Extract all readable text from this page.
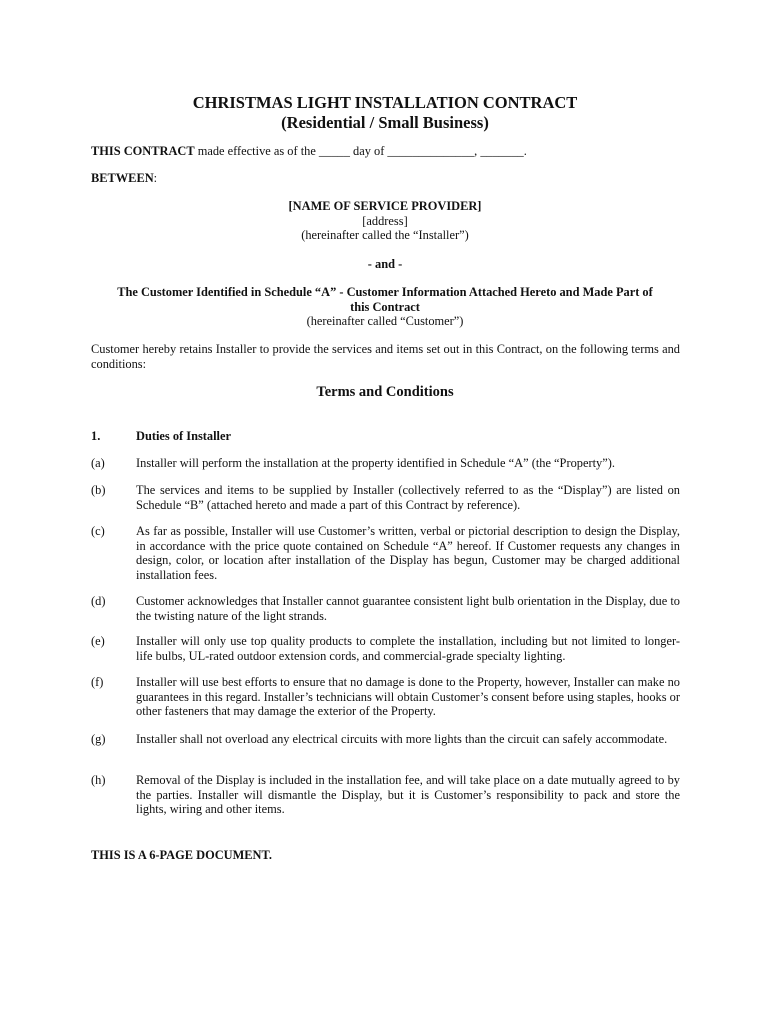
CHRISTMAS LIGHT INSTALLATION CONTRACT
(Residential / Small Business)
THIS CONTRACT made effective as of the _____ day of ______________, _______.
BETWEEN:
[NAME OF SERVICE PROVIDER]
[address]
(hereinafter called the “Installer”)
- and -
The Customer Identified in Schedule “A” - Customer Information Attached Hereto and Made Part of
this Contract
(hereinafter called “Customer”)
Customer hereby retains Installer to provide the services and items set out in this Contract, on the following terms and conditions:
Terms and Conditions
1.	Duties of Installer
(a)	Installer will perform the installation at the property identified in Schedule “A” (the “Property”).
(b) The services and items to be supplied by Installer (collectively referred to as the “Display”) are listed on Schedule “B” (attached hereto and made a part of this Contract by reference).
(c)	As far as possible, Installer will use Customer’s written, verbal or pictorial description to design the Display, in accordance with the price quote contained on Schedule “A” hereof. If Customer requests any changes in design, color, or location after installation of the Display has begun, Customer may be charged additional installation fees.
(d) Customer acknowledges that Installer cannot guarantee consistent light bulb orientation in the Display, due to the twisting nature of the light strands.
(e)	Installer will only use top quality products to complete the installation, including but not limited to longer-life bulbs, UL-rated outdoor extension cords, and commercial-grade specialty lighting.
(f)	Installer will use best efforts to ensure that no damage is done to the Property, however, Installer can make no guarantees in this regard. Installer’s technicians will obtain Customer’s consent before using staples, hooks or other fasteners that may damage the exterior of the Property.
(g) Installer shall not overload any electrical circuits with more lights than the circuit can safely accommodate.
(h) Removal of the Display is included in the installation fee, and will take place on a date mutually agreed to by the parties. Installer will dismantle the Display, but it is Customer’s responsibility to pack and store the lights, wiring and other items.
THIS IS A 6-PAGE DOCUMENT.
